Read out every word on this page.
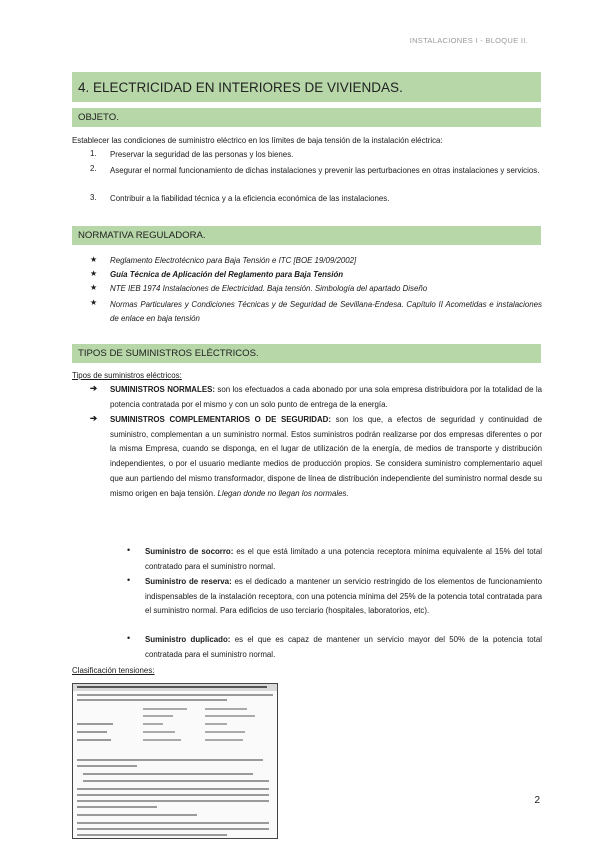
INSTALACIONES I - BLOQUE II.
4. ELECTRICIDAD EN INTERIORES DE VIVIENDAS.
OBJETO.
Establecer las condiciones de suministro eléctrico en los límites de baja tensión de la instalación eléctrica:
1. Preservar la seguridad de las personas y los bienes.
2. Asegurar el normal funcionamiento de dichas instalaciones y prevenir las perturbaciones en otras instalaciones y servicios.
3. Contribuir a la fiabilidad técnica y a la eficiencia económica de las instalaciones.
NORMATIVA REGULADORA.
★ Reglamento Electrotécnico para Baja Tensión e ITC [BOE 19/09/2002]
★ Guía Técnica de Aplicación del Reglamento para Baja Tensión
★ NTE IEB 1974 Instalaciones de Electricidad. Baja tensión. Simbología del apartado Diseño
★ Normas Particulares y Condiciones Técnicas y de Seguridad de Sevillana-Endesa. Capítulo II Acometidas e instalaciones de enlace en baja tensión
TIPOS DE SUMINISTROS ELÉCTRICOS.
Tipos de suministros eléctricos:
➔ SUMINISTROS NORMALES: son los efectuados a cada abonado por una sola empresa distribuidora por la totalidad de la potencia contratada por el mismo y con un solo punto de entrega de la energía.
➔ SUMINISTROS COMPLEMENTARIOS O DE SEGURIDAD: son los que, a efectos de seguridad y continuidad de suministro, complementan a un suministro normal. Estos suministros podrán realizarse por dos empresas diferentes o por la misma Empresa, cuando se disponga, en el lugar de utilización de la energía, de medios de transporte y distribución independientes, o por el usuario mediante medios de producción propios. Se considera suministro complementario aquel que aun partiendo del mismo transformador, dispone de línea de distribución independiente del suministro normal desde su mismo origen en baja tensión. Llegan donde no llegan los normales.
• Suministro de socorro: es el que está limitado a una potencia receptora mínima equivalente al 15% del total contratado para el suministro normal.
• Suministro de reserva: es el dedicado a mantener un servicio restringido de los elementos de funcionamiento indispensables de la instalación receptora, con una potencia mínima del 25% de la potencia total contratada para el suministro normal. Para edificios de uso terciario (hospitales, laboratorios, etc).
• Suministro duplicado: es el que es capaz de mantener un servicio mayor del 50% de la potencia total contratada para el suministro normal.
Clasificación tensiones:
2
